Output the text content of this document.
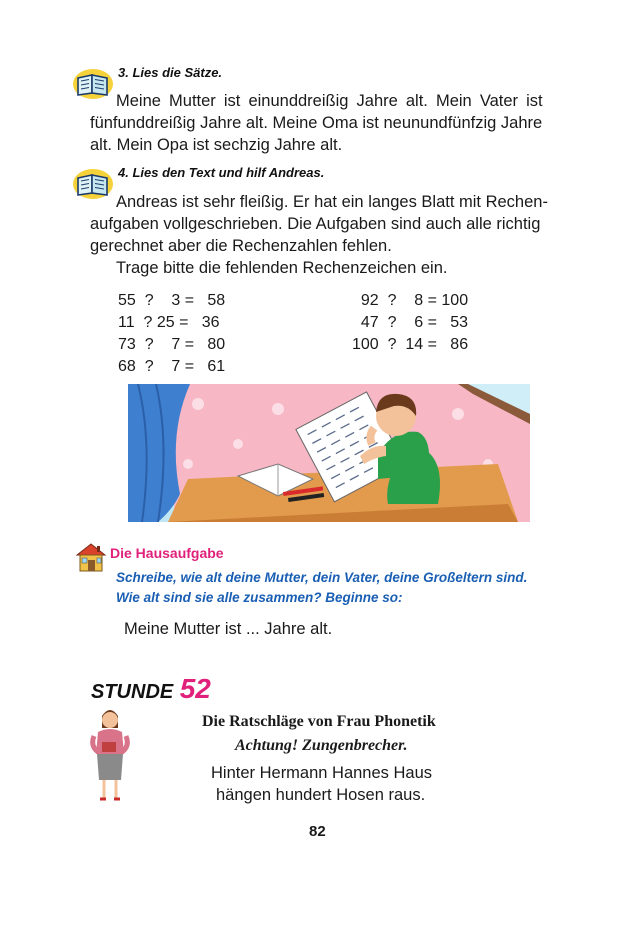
3. Lies die Sätze.
Meine Mutter ist einunddreißig Jahre alt. Mein Vater ist
fünfunddreißig Jahre alt. Meine Oma ist neunundfünfzig Jahre
alt. Mein Opa ist sechzig Jahre alt.
4. Lies den Text und hilf Andreas.
Andreas ist sehr fleißig. Er hat ein langes Blatt mit Rechen-
aufgaben vollgeschrieben. Die Aufgaben sind auch alle richtig
gerechnet aber die Rechenzahlen fehlen.
Trage bitte die fehlenden Rechenzeichen ein.
55  ?    3 =   58
11  ? 25 =   36
73  ?    7 =   80
68  ?    7 =   61
92  ?    8 = 100
47  ?    6 =   53
100  ?  14 =   86
Die Hausaufgabe
Schreibe, wie alt deine Mutter, dein Vater, deine Großeltern sind.
Wie alt sind sie alle zusammen? Beginne so:
Meine Mutter ist ... Jahre alt.
STUNDE 52
Die Ratschläge von Frau Phonetik
Achtung! Zungenbrecher.
Hinter Hermann Hannes Haus
hängen hundert Hosen raus.
82
